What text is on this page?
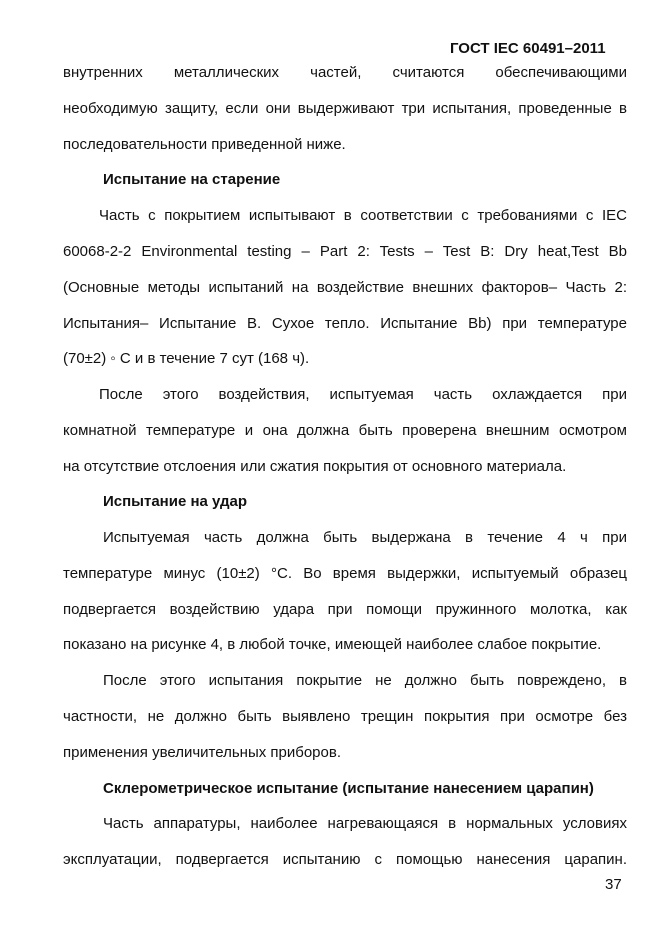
ГОСТ IEC 60491–2011
внутренних металлических частей, считаются обеспечивающими
необходимую защиту, если они выдерживают три испытания, проведенные в
последовательности приведенной ниже.
Испытание на старение
Часть с покрытием испытывают в соответствии с требованиями с IEC
60068-2-2 Environmental testing – Part 2: Tests – Test B: Dry heat,Test Bb
(Основные методы испытаний на воздействие внешних факторов– Часть 2:
Испытания– Испытание B. Сухое тепло. Испытание Bb) при температуре
(70±2) ◦ С и в течение 7 сут (168 ч).
После этого воздействия, испытуемая часть охлаждается при
комнатной температуре и она должна быть проверена внешним осмотром
на отсутствие отслоения или сжатия покрытия от основного материала.
Испытание на удар
Испытуемая часть должна быть выдержана в течение 4 ч при
температуре минус (10±2) °С. Во время выдержки, испытуемый образец
подвергается воздействию удара при помощи пружинного молотка, как
показано на рисунке 4, в любой точке, имеющей наиболее слабое покрытие.
После этого испытания покрытие не должно быть повреждено, в
частности, не должно быть выявлено трещин покрытия при осмотре без
применения увеличительных приборов.
Склерометрическое испытание (испытание нанесением царапин)
Часть аппаратуры, наиболее нагревающаяся в нормальных условиях
эксплуатации, подвергается испытанию с помощью нанесения царапин.
37
